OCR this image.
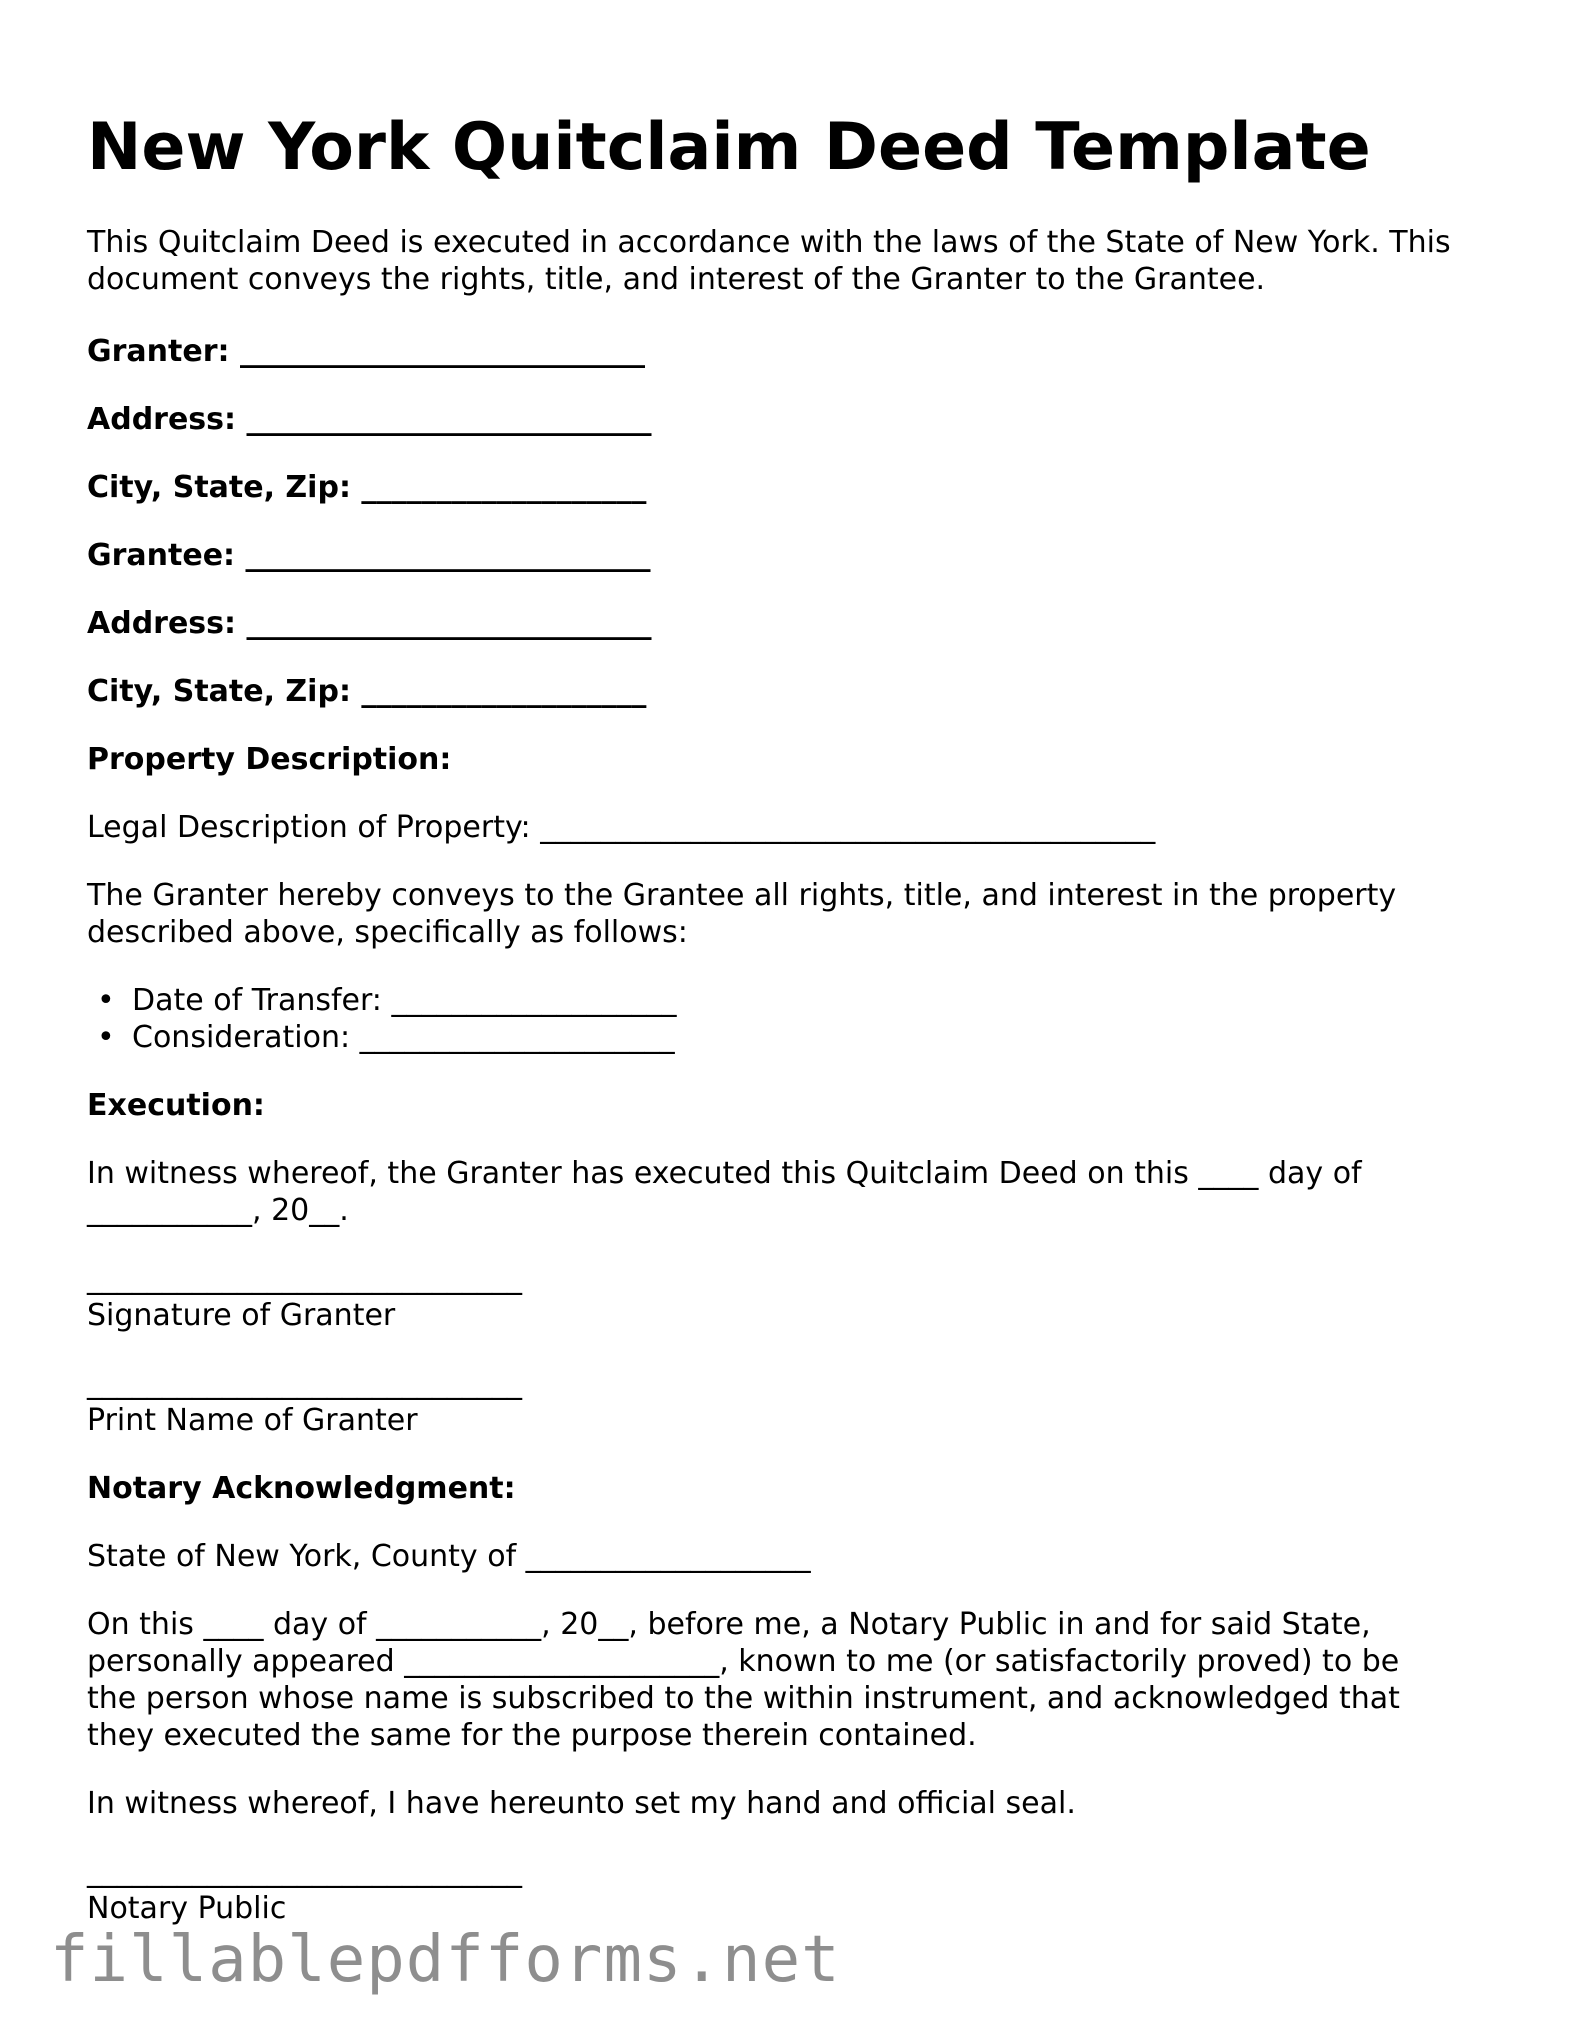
New York Quitclaim Deed Template

This Quitclaim Deed is executed in accordance with the laws of the State of New York. This

document conveys the rights, title, and interest of the Granter to the Grantee.

Granter: ___________________________

Address: ___________________________

City, State, Zip: ___________________

Grantee: ___________________________

Address: ___________________________

City, State, Zip: ___________________

Property Description:

Legal Description of Property: _________________________________________

The Granter hereby conveys to the Grantee all rights, title, and interest in the property

described above, specifically as follows:

• Date of Transfer: ___________________
• Consideration: _____________________

Execution:

In witness whereof, the Granter has executed this Quitclaim Deed on this ____ day of

___________, 20__.

_____________________________

Signature of Granter

_____________________________

Print Name of Granter

Notary Acknowledgment:

State of New York, County of ___________________

On this ____ day of ___________, 20__, before me, a Notary Public in and for said State,

personally appeared _____________________, known to me (or satisfactorily proved) to be

the person whose name is subscribed to the within instrument, and acknowledged that

they executed the same for the purpose therein contained.

In witness whereof, I have hereunto set my hand and official seal.

_____________________________

Notary Public

fillablepdfforms.net
